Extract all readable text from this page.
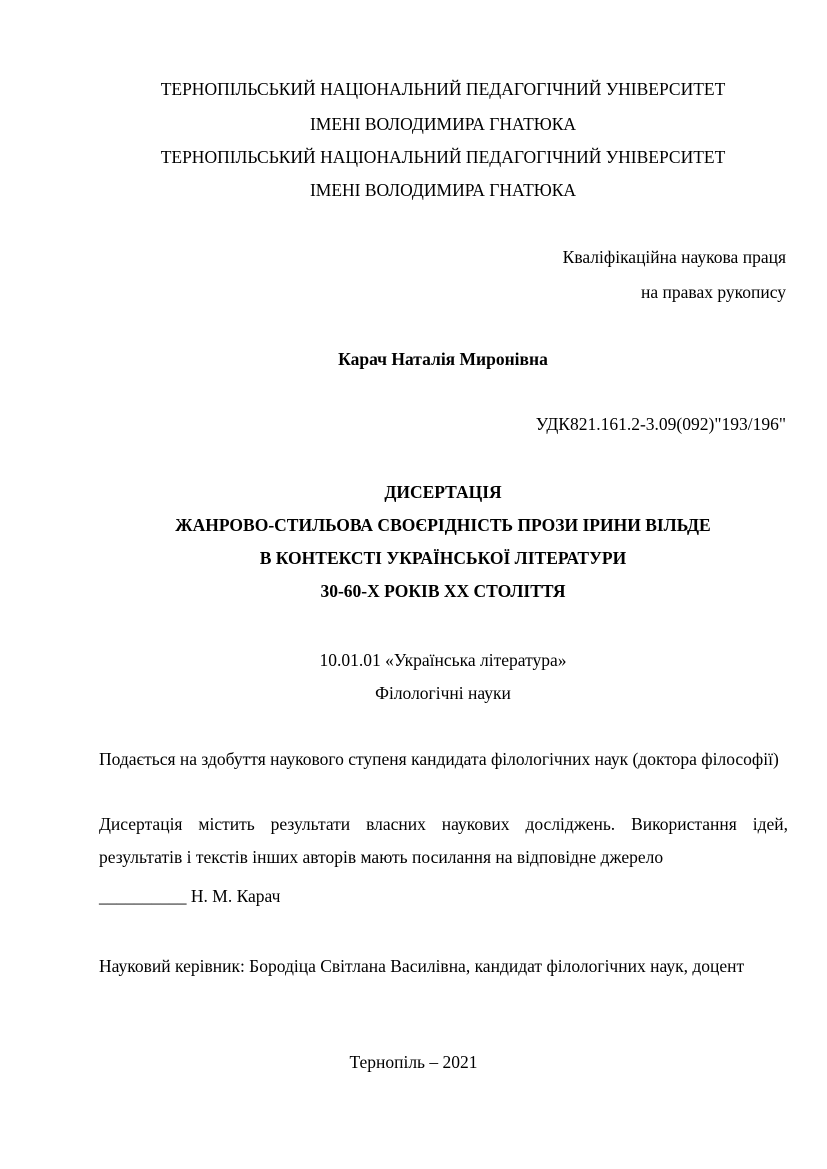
ТЕРНОПІЛЬСЬКИЙ НАЦІОНАЛЬНИЙ ПЕДАГОГІЧНИЙ УНІВЕРСИТЕТ
ІМЕНІ ВОЛОДИМИРА ГНАТЮКА
ТЕРНОПІЛЬСЬКИЙ НАЦІОНАЛЬНИЙ ПЕДАГОГІЧНИЙ УНІВЕРСИТЕТ
ІМЕНІ ВОЛОДИМИРА ГНАТЮКА
Кваліфікаційна наукова праця
на правах рукопису
Карач Наталія Миронівна
УДК821.161.2-3.09(092)"193/196"
ДИСЕРТАЦІЯ
ЖАНРОВО-СТИЛЬОВА СВОЄРІДНІСТЬ ПРОЗИ ІРИНИ ВІЛЬДЕ
В КОНТЕКСТІ УКРАЇНСЬКОЇ ЛІТЕРАТУРИ
30-60-Х РОКІВ ХХ СТОЛІТТЯ
10.01.01 «Українська література»
Філологічні науки
Подається на здобуття наукового ступеня кандидата філологічних наук (доктора філософії)
Дисертація містить результати власних наукових досліджень. Використання ідей, результатів і текстів інших авторів мають посилання на відповідне джерело
__________ Н. М. Карач
Науковий керівник: Бородіца Світлана Василівна, кандидат філологічних наук, доцент
Тернопіль – 2021
